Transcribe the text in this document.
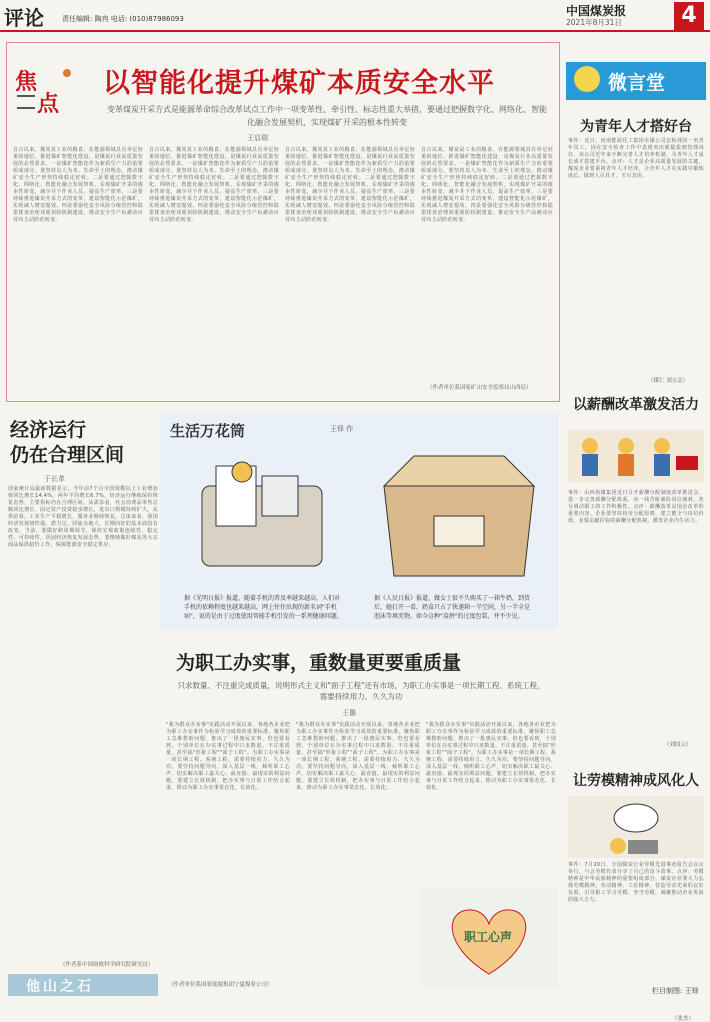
评论	责任编辑: 陶冉 电话: (010)87986093
中国煤炭报
2021年8月31日	4
焦
点
以智能化提升煤矿本质安全水平
变革煤炭开采方式是能源革命综合改革试点工作中一项变革性、牵引性、标志性重大举措，要通过把握数字化、网络化、智能化融合发展契机，实现煤矿开采的根本性转变
王启瑞
自古以来，煤炭是工业的粮食，在能源领域具有举足轻重的地位。推进煤矿智能化建设，是煤炭行业高质量发展的必然要求。一是煤矿智能化作为新质生产力的重要组成部分，要坚持以人为本、生命至上的理念，推动煤矿安全生产形势持续稳定好转。二是要通过把握数字化、网络化、智能化融合发展契机，实现煤矿开采的根本性转变，减少井下作业人员，提高生产效率。三是要持续推进煤炭开采方式的变革，建设智能化示范煤矿，实现减人增安提效。四是要强化安全风险分级管控和隐患排查治理双重预防机制建设，推动安全生产由被动应对向主动防范转变。
自古以来，煤炭是工业的粮食，在能源领域具有举足轻重的地位。推进煤矿智能化建设，是煤炭行业高质量发展的必然要求。一是煤矿智能化作为新质生产力的重要组成部分，要坚持以人为本、生命至上的理念，推动煤矿安全生产形势持续稳定好转。二是要通过把握数字化、网络化、智能化融合发展契机，实现煤矿开采的根本性转变，减少井下作业人员，提高生产效率。三是要持续推进煤炭开采方式的变革，建设智能化示范煤矿，实现减人增安提效。四是要强化安全风险分级管控和隐患排查治理双重预防机制建设，推动安全生产由被动应对向主动防范转变。
自古以来，煤炭是工业的粮食，在能源领域具有举足轻重的地位。推进煤矿智能化建设，是煤炭行业高质量发展的必然要求。一是煤矿智能化作为新质生产力的重要组成部分，要坚持以人为本、生命至上的理念，推动煤矿安全生产形势持续稳定好转。二是要通过把握数字化、网络化、智能化融合发展契机，实现煤矿开采的根本性转变，减少井下作业人员，提高生产效率。三是要持续推进煤炭开采方式的变革，建设智能化示范煤矿，实现减人增安提效。四是要强化安全风险分级管控和隐患排查治理双重预防机制建设，推动安全生产由被动应对向主动防范转变。
自古以来，煤炭是工业的粮食，在能源领域具有举足轻重的地位。推进煤矿智能化建设，是煤炭行业高质量发展的必然要求。一是煤矿智能化作为新质生产力的重要组成部分，要坚持以人为本、生命至上的理念，推动煤矿安全生产形势持续稳定好转。二是要通过把握数字化、网络化、智能化融合发展契机，实现煤矿开采的根本性转变，减少井下作业人员，提高生产效率。三是要持续推进煤炭开采方式的变革，建设智能化示范煤矿，实现减人增安提效。四是要强化安全风险分级管控和隐患排查治理双重预防机制建设，推动安全生产由被动应对向主动防范转变。
（作者单位系国家矿山安全监察局山西局）
微言堂
为青年人才搭好台
事件：近日，河南能源化工集团永煤公司安检部的一名青年员工，因在安全检查工作中表现突出被提拔到管理岗位。该公司近年来不断完善人才培养机制，为青年人才成长成才搭建平台。点评：人才是企业高质量发展的关键。煤炭企业要重视青年人才培养，让青年人才在实践中锻炼成长，做到人尽其才、才尽其用。
（煤仁 刘五志）
以薪酬改革激发活力
事件：山西焦煤集团近日召开薪酬分配制度改革推进会，进一步完善薪酬分配体系，向一线苦脏累险岗位倾斜，充分调动职工的工作积极性。点评：薪酬改革是国企改革的重要内容。企业要坚持按劳分配原则，建立健全与岗位价值、业绩贡献挂钩的薪酬分配机制，激发企业内生动力。
（刘国云）
让劳模精神成风化人
事件：7月20日，全国煤炭行业劳模先进事迹报告会在京举行，与会劳模代表分享了自己的奋斗故事。点评：劳模精神是中华民族精神的重要组成部分。煤炭企业要大力弘扬劳模精神、劳动精神、工匠精神，营造劳动光荣的良好氛围，引导职工学习劳模、争当劳模，凝聚推动企业发展的强大合力。
（张杰）
经济运行
仍在合理区间
于长革
国家统计局最新数据显示，今年前7个月全国规模以上工业增加值同比增长14.4%，两年平均增长6.7%，经济运行继续保持恢复态势，主要指标仍在合理区间。从需求看，社会消费品零售总额同比增长，固定资产投资稳步增长，进出口规模持续扩大。从供给看，工业生产平稳增长，服务业继续恢复。总体来看，我国经济发展韧性强、潜力足、回旋余地大，长期向好的基本面没有改变。当前，要做好跨周期调节，保持宏观政策连续性、稳定性、可持续性，巩固经济恢复发展态势。要继续做好煤炭等大宗商品保供稳价工作，保障能源安全稳定供应。
（作者系中国财政科学研究院研究员）
他山之石
生活万花筒	王铎 作
据《光明日报》报道，随着手机的普及率越来越高，人们对手机的依赖程度也越来越高，网上往往出现的新名词"手机病"，说的是由于过度使用智能手机引发的一系列健康问题。
据《人民日报》报道，做女士很不久购买了一箱牛奶，到货后，她打开一看，奶盒只占了快递箱一半空间，另一半全是泡沫等填充物。如今这种"盒拼"的过度包装，并不少见。
为职工办实事，重数量更要重质量
只求数量、不注重完成质量，说明形式主义和"面子工程"还有市场，为职工办实事是一项长期工程、系统工程，需要持续用力、久久为功
王璐
"我为群众办实事"实践活动开展以来，各地各企业把为职工办实事作为检验学习成效的重要标准，聚焦职工急难愁盼问题，推出了一批惠民实事。但也要看到，个别单位在办实事过程中只求数量、不注重质量，甚至搞"形象工程""面子工程"。为职工办实事是一项长期工程、系统工程，需要持续用力、久久为功。要坚持问题导向，深入基层一线，倾听职工心声，切实解决职工最关心、最直接、最现实的利益问题。要建立长效机制，把办实事与日常工作结合起来，推动为职工办实事常态化、长效化。
"我为群众办实事"实践活动开展以来，各地各企业把为职工办实事作为检验学习成效的重要标准，聚焦职工急难愁盼问题，推出了一批惠民实事。但也要看到，个别单位在办实事过程中只求数量、不注重质量，甚至搞"形象工程""面子工程"。为职工办实事是一项长期工程、系统工程，需要持续用力、久久为功。要坚持问题导向，深入基层一线，倾听职工心声，切实解决职工最关心、最直接、最现实的利益问题。要建立长效机制，把办实事与日常工作结合起来，推动为职工办实事常态化、长效化。
"我为群众办实事"实践活动开展以来，各地各企业把为职工办实事作为检验学习成效的重要标准，聚焦职工急难愁盼问题，推出了一批惠民实事。但也要看到，个别单位在办实事过程中只求数量、不注重质量，甚至搞"形象工程""面子工程"。为职工办实事是一项长期工程、系统工程，需要持续用力、久久为功。要坚持问题导向，深入基层一线，倾听职工心声，切实解决职工最关心、最直接、最现实的利益问题。要建立长效机制，把办实事与日常工作结合起来，推动为职工办实事常态化、长效化。
（作者单位系国家能源集团宁夏煤业公司）
职工心声
栏目制图: 王铎
